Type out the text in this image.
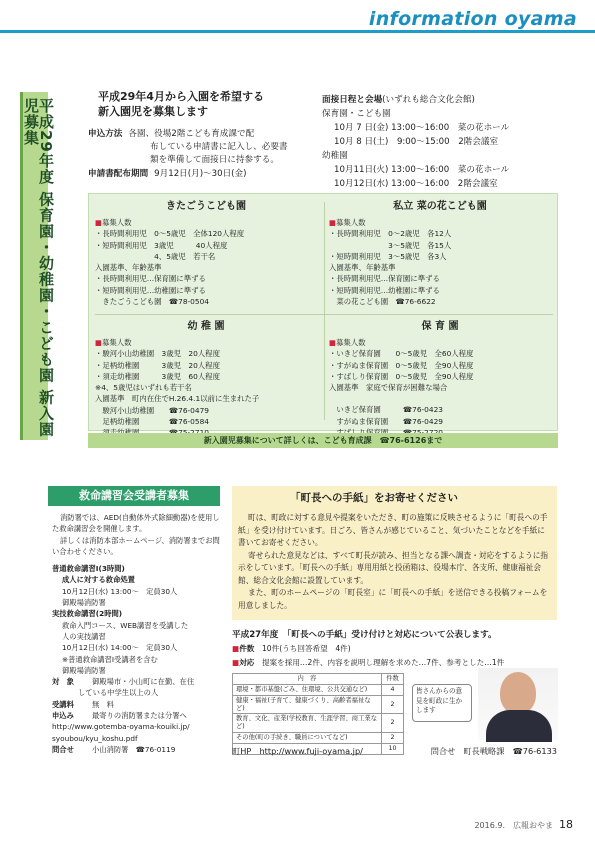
information oyama
平成29年度 保育園・幼稚園・こども園 新入園児募集
平成29年4月から入園を希望する
新入園児を募集します
申込方法 各園、役場2階こども育成課で配
布している申請書に記入し、必要書
類を準備して面接日に持参する。
申請書配布期間 9月12日(月)～30日(金)
面接日程と会場(いずれも総合文化会館)
保育園・こども園
10月 7 日(金) 13:00～16:00　菜の花ホール
10月 8 日(土)　9:00～15:00　2階会議室
幼稚園
10月11日(火) 13:00～16:00　菜の花ホール
10月12日(水) 13:00～16:00　2階会議室
きたごうこども園
■募集人数
・長時間利用児　0～5歳児　全体120人程度
・短時間利用児　3歳児　　　40人程度
　　　　　　　　4、5歳児　若干名
入園基準、年齢基準
・長時間利用児…保育園に準ずる
・短時間利用児…幼稚園に準ずる
　きたごうこども園　☎78-0504
私立 菜の花こども園
■募集人数
・長時間利用児　0～2歳児　各12人
　　　　　　　　3～5歳児　各15人
・短時間利用児　3～5歳児　各3人
入園基準、年齢基準
・長時間利用児…保育園に準ずる
・短時間利用児…幼稚園に準ずる
　菜の花こども園　☎76-6622
幼 稚 園
■募集人数
・駿河小山幼稚園　3歳児　20人程度
・足柄幼稚園　　　3歳児　20人程度
・須走幼稚園　　　3歳児　60人程度
※4、5歳児はいずれも若干名
入園基準　町内在住でH.26.4.1以前に生まれた子
　駿河小山幼稚園　　☎76-0479
　足柄幼稚園　　　　☎76-0584
保 育 園
■募集人数
・いきど保育園　　0～5歳児　全60人程度
・すがぬま保育園　0～5歳児　全90人程度
・すばしり保育園　0～5歳児　全90人程度
入園基準　家庭で保育が困難な場合
　いきど保育園　　　☎76-0423
　すがぬま保育園　　☎76-0429
新入園児募集について詳しくは、こども育成課　☎76-6126まで
救命講習会受講者募集
消防署では、AED(自動体外式除細動器)を使用した救命講習会を開催します。
詳しくは消防本部ホームページ、消防署までお問い合わせください。
普通救命講習Ⅰ(3時間)
成人に対する救命処置
10月12日(水) 13:00～　定員30人
御殿場消防署
実技救命講習(2時間)
救命入門コース、WEB講習を受講した
人の実技講習
10月12日(水) 14:00～　定員30人
※普通救命講習Ⅰ受講者を含む
御殿場消防署
対　象	御殿場市・小山町に在勤、在住
している中学生以上の人
受講料	無　料
申込み	最寄りの消防署または分署へ
http://www.gotemba-oyama-kouiki.jp/
syoubou/kyu_koshu.pdf
問合せ	小山消防署　☎76-0119
「町長への手紙」をお寄せください

町は、町政に対する意見や提案をいただき、町の施策に反映させるように「町長への手紙」を受け付けています。日ごろ、皆さんが感じていること、気づいたことなどを手紙に書いてお寄せください。

寄せられた意見などは、すべて町長が読み、担当となる課へ調査・対応をするように指示をしています。「町長への手紙」専用用紙と投函箱は、役場本庁、各支所、健康福祉会館、総合文化会館に設置しています。

また、町のホームページの「町長室」に「町長への手紙」を送信できる投稿フォームを用意しました。

平成27年度　「町長への手紙」受け付けと対応について公表します。
■件数　 10件(うち回答希望　4件)
■対応　 提案を採用…2件、内容を説明し理解を求めた…7件、参考とした…1件
内　容	件数
環境・都市基盤(ごみ、住環境、公共交通など)	4
健康・福祉(子育て、健康づくり、高齢者福祉など)	2
教育、文化、産業(学校教育、生涯学習、商工業など)	2
その他(町の手続き、職員についてなど)	2
	10
皆さんからの意見を町政に生かします
町HP　http://www.fuji-oyama.jp/	問合せ　町長戦略課　☎76-6133
2016.9.　広報おやま 18
